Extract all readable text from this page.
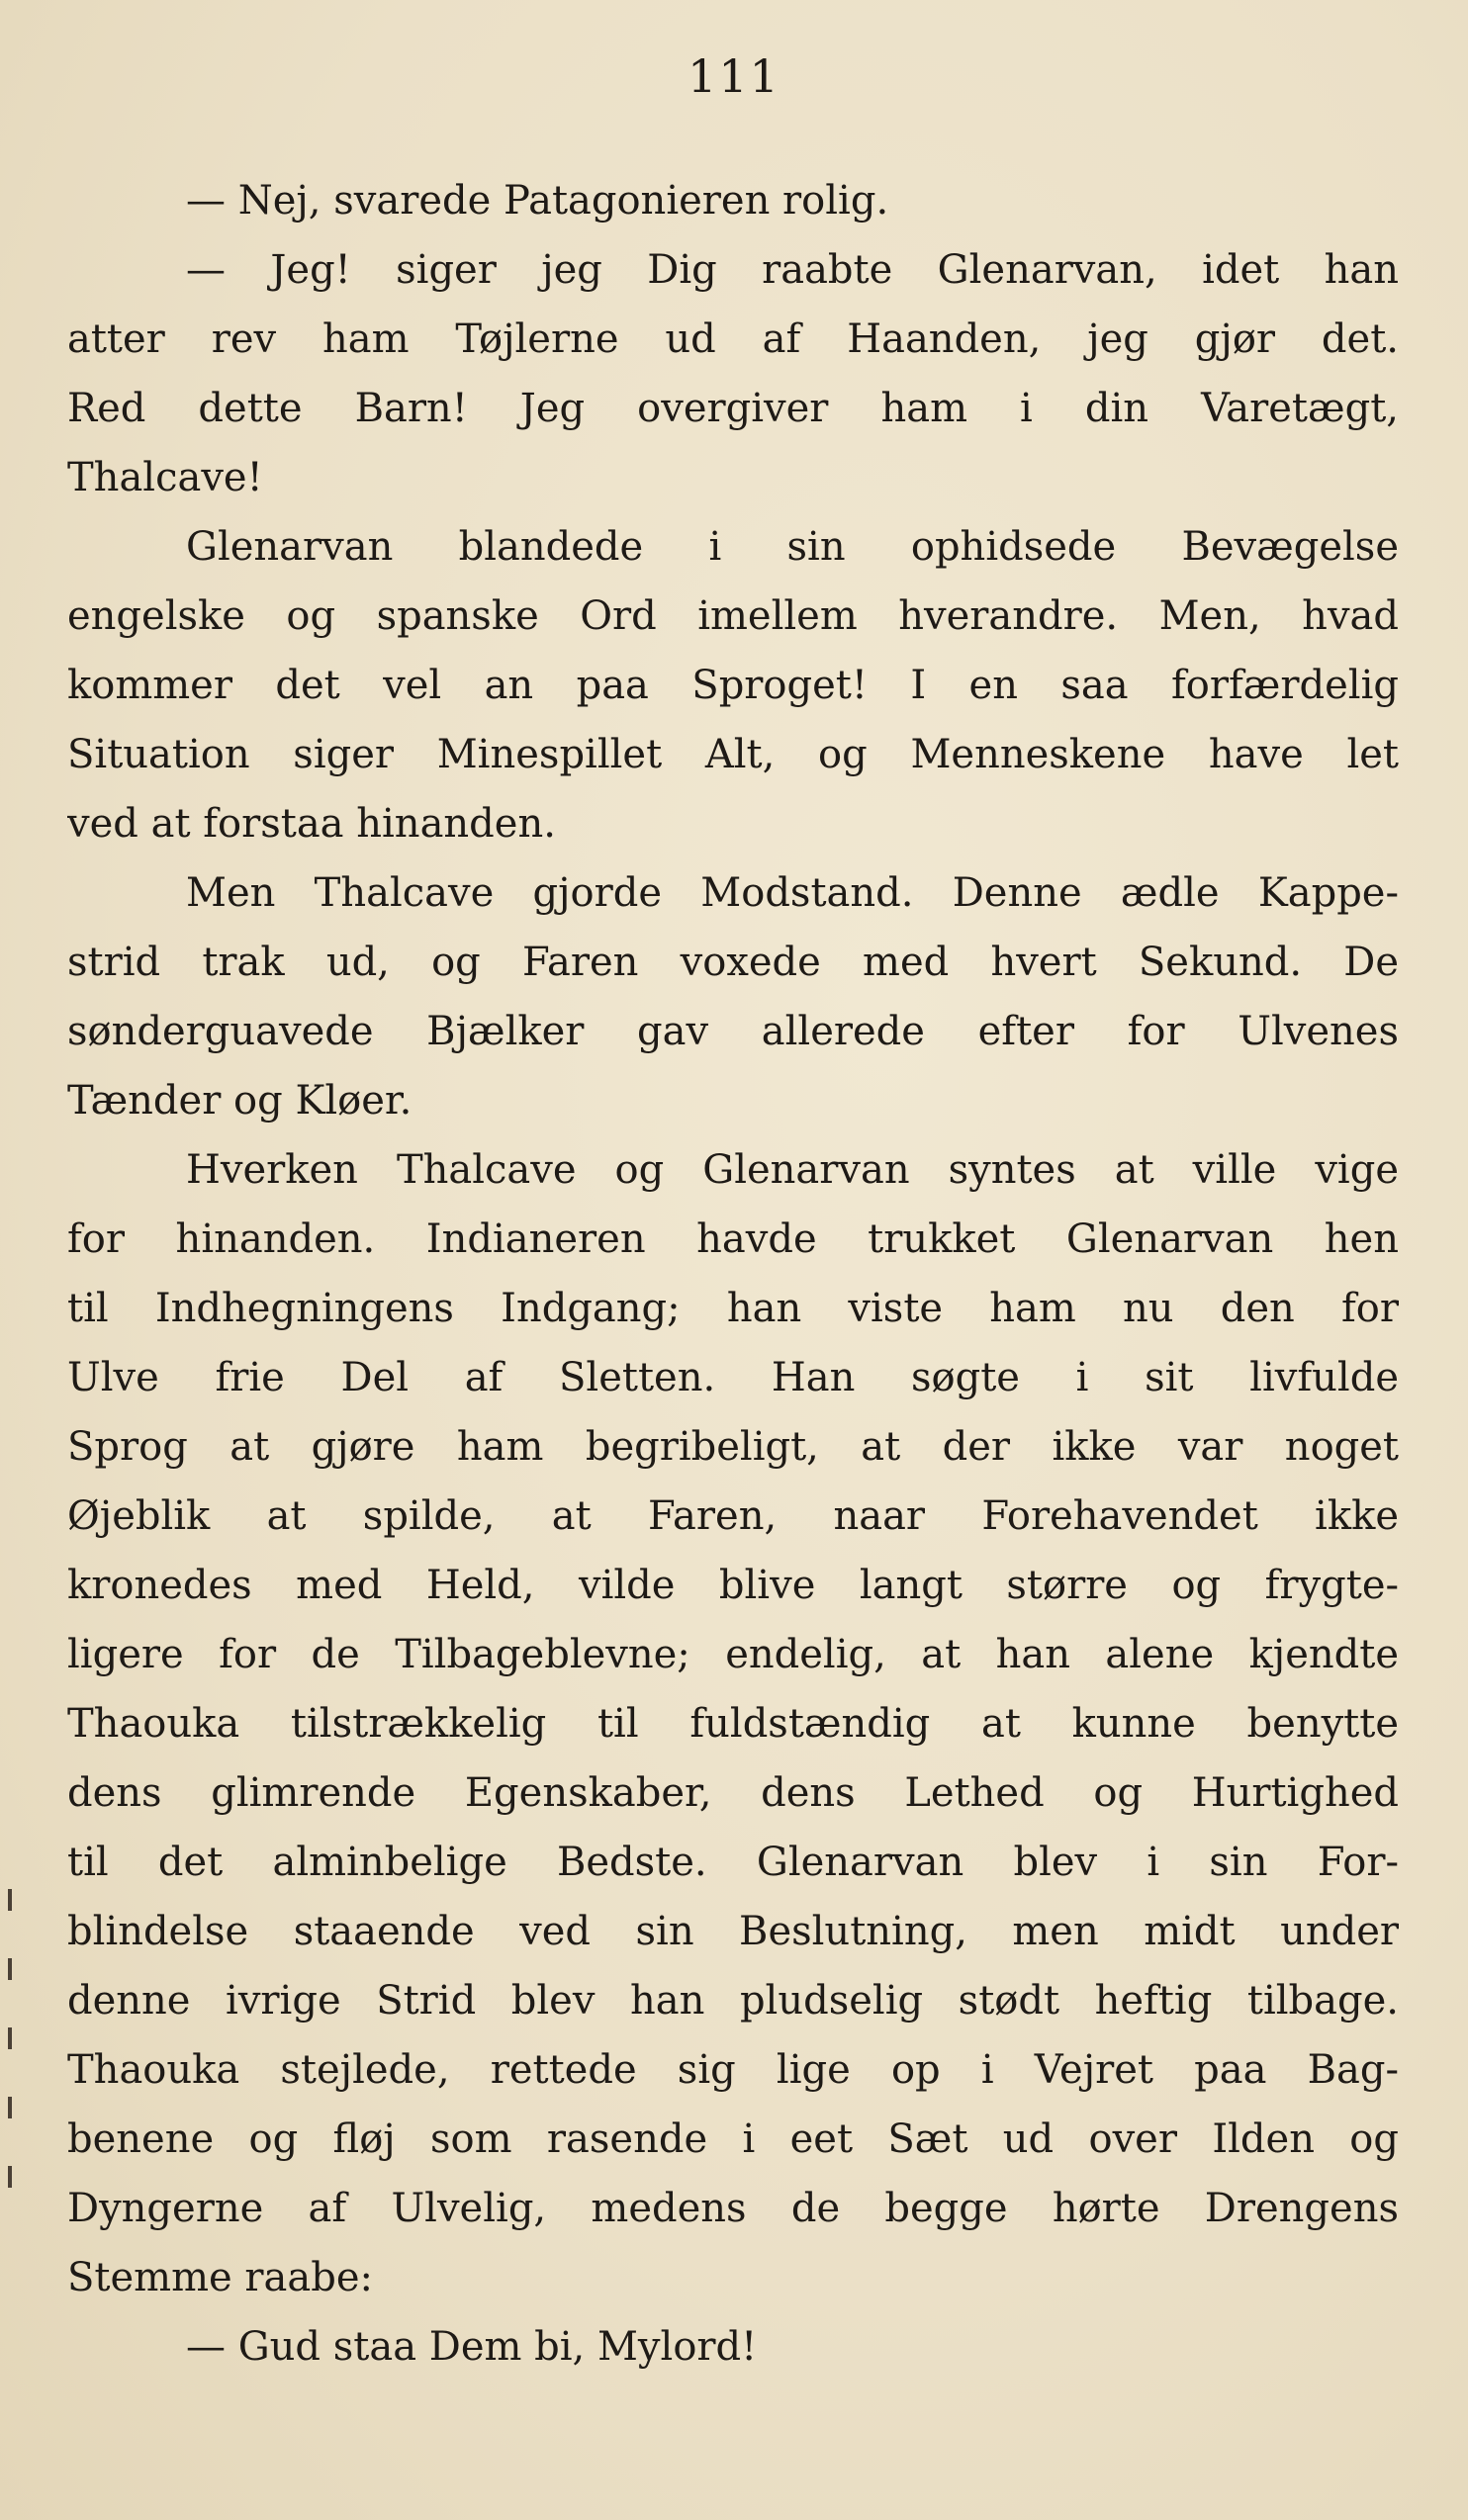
111
— Nej, svarede Patagonieren rolig.
— Jeg! siger jeg Dig raabte Glenarvan, idet han
atter rev ham Tøjlerne ud af Haanden, jeg gjør det.
Red dette Barn! Jeg overgiver ham i din Varetægt,
Thalcave!
Glenarvan blandede i sin ophidsede Bevægelse
engelske og spanske Ord imellem hverandre. Men, hvad
kommer det vel an paa Sproget! I en saa forfærdelig
Situation siger Minespillet Alt, og Menneskene have let
ved at forstaa hinanden.
Men Thalcave gjorde Modstand. Denne ædle Kappe-
strid trak ud, og Faren voxede med hvert Sekund. De
sønderguavede Bjælker gav allerede efter for Ulvenes
Tænder og Kløer.
Hverken Thalcave og Glenarvan syntes at ville vige
for hinanden. Indianeren havde trukket Glenarvan hen
til Indhegningens Indgang; han viste ham nu den for
Ulve frie Del af Sletten. Han søgte i sit livfulde
Sprog at gjøre ham begribeligt, at der ikke var noget
Øjeblik at spilde, at Faren, naar Forehavendet ikke
kronedes med Held, vilde blive langt større og frygte-
ligere for de Tilbageblevne; endelig, at han alene kjendte
Thaouka tilstrækkelig til fuldstændig at kunne benytte
dens glimrende Egenskaber, dens Lethed og Hurtighed
til det alminbelige Bedste. Glenarvan blev i sin For-
blindelse staaende ved sin Beslutning, men midt under
denne ivrige Strid blev han pludselig stødt heftig tilbage.
Thaouka stejlede, rettede sig lige op i Vejret paa Bag-
benene og fløj som rasende i eet Sæt ud over Ilden og
Dyngerne af Ulvelig, medens de begge hørte Drengens
Stemme raabe:
— Gud staa Dem bi, Mylord!
